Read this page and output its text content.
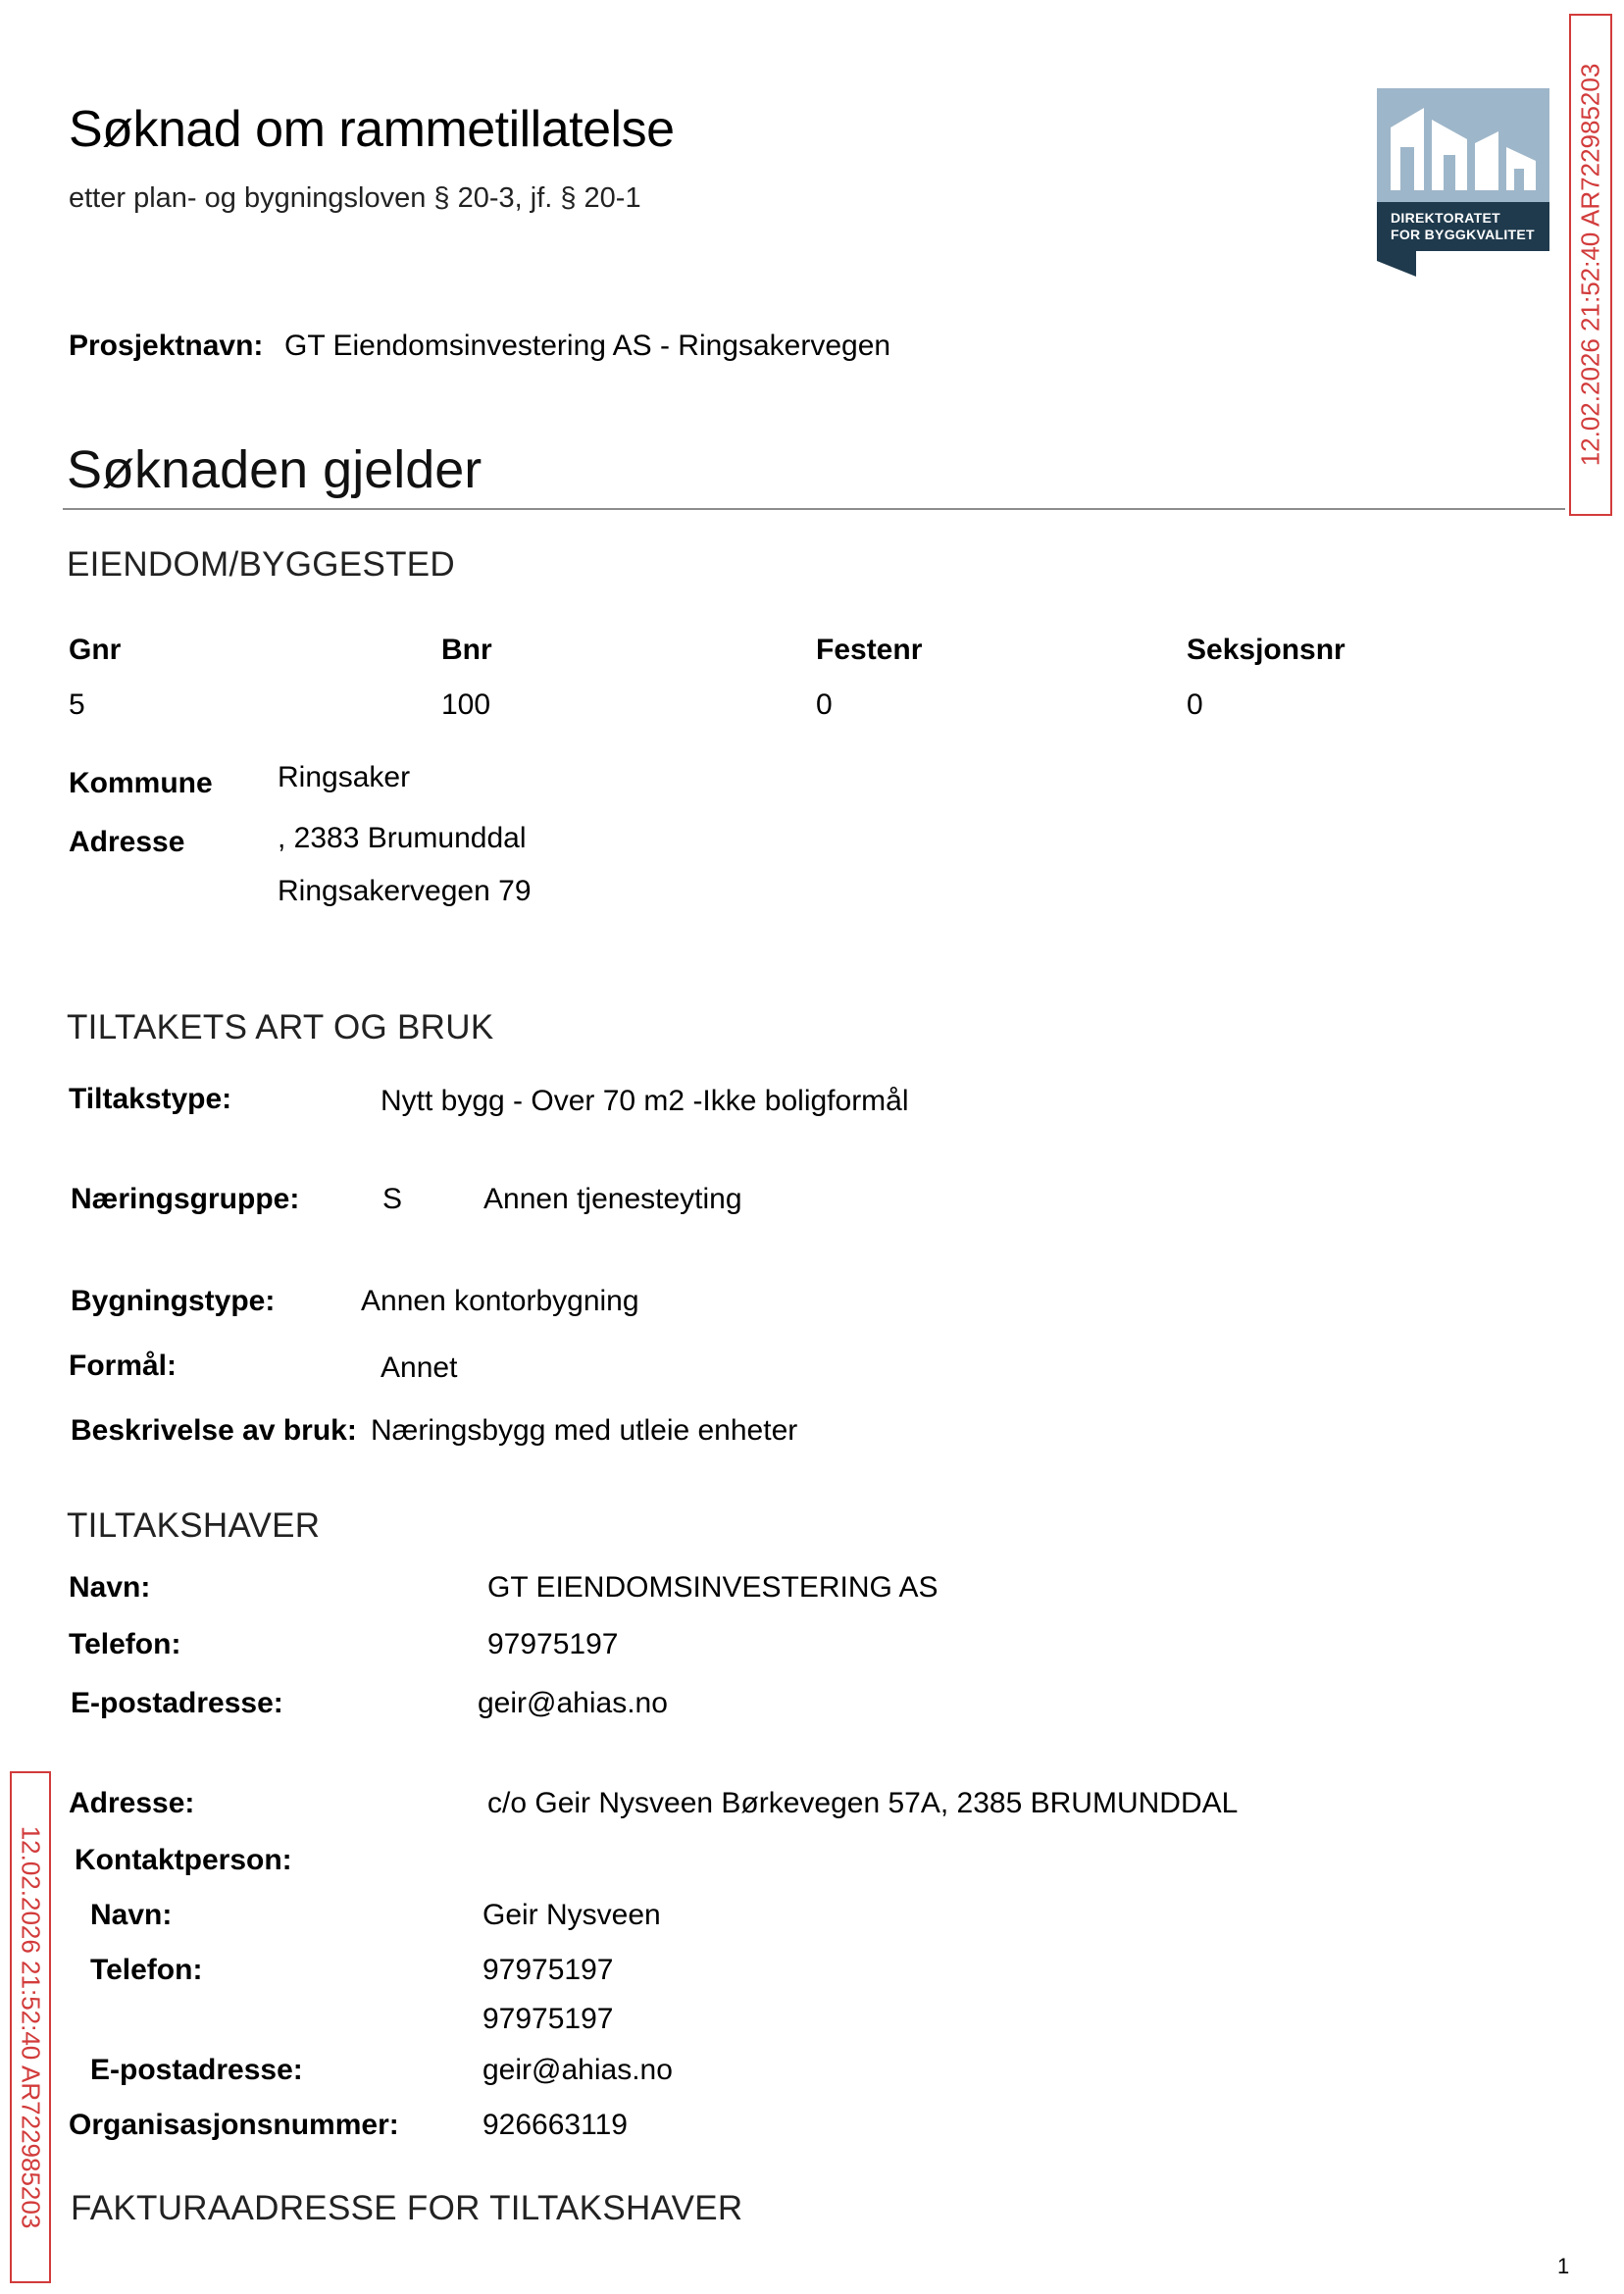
Søknad om rammetillatelse
etter plan- og bygningsloven § 20-3, jf. § 20-1
DIREKTORATET
FOR BYGGKVALITET 12.02.2026 21:52:40 AR722985203
12.02.2026 21:52:40 AR722985203
Prosjektnavn: GT Eiendomsinvestering AS - Ringsakervegen
Søknaden gjelder
EIENDOM/BYGGESTED
Gnr	Bnr	Festenr	Seksjonsnr
5	100	0	0
Kommune Ringsaker
Adresse	, 2383 Brumunddal
Ringsakervegen 79
TILTAKETS ART OG BRUK
Tiltakstype:	Nytt bygg - Over 70 m2 -Ikke boligformål
Næringsgruppe:	S	Annen tjenesteyting
Bygningstype:	Annen kontorbygning
Formål:	Annet
Beskrivelse av bruk: Næringsbygg med utleie enheter
TILTAKSHAVER
Navn:	GT EIENDOMSINVESTERING AS
Telefon:	97975197
E-postadresse:	geir@ahias.no
Adresse:	c/o Geir Nysveen Børkevegen 57A, 2385 BRUMUNDDAL
Kontaktperson:
Navn:	Geir Nysveen
Telefon:	97975197
97975197
E-postadresse:	geir@ahias.no
Organisasjonsnummer:	926663119
FAKTURAADRESSE FOR TILTAKSHAVER
1
